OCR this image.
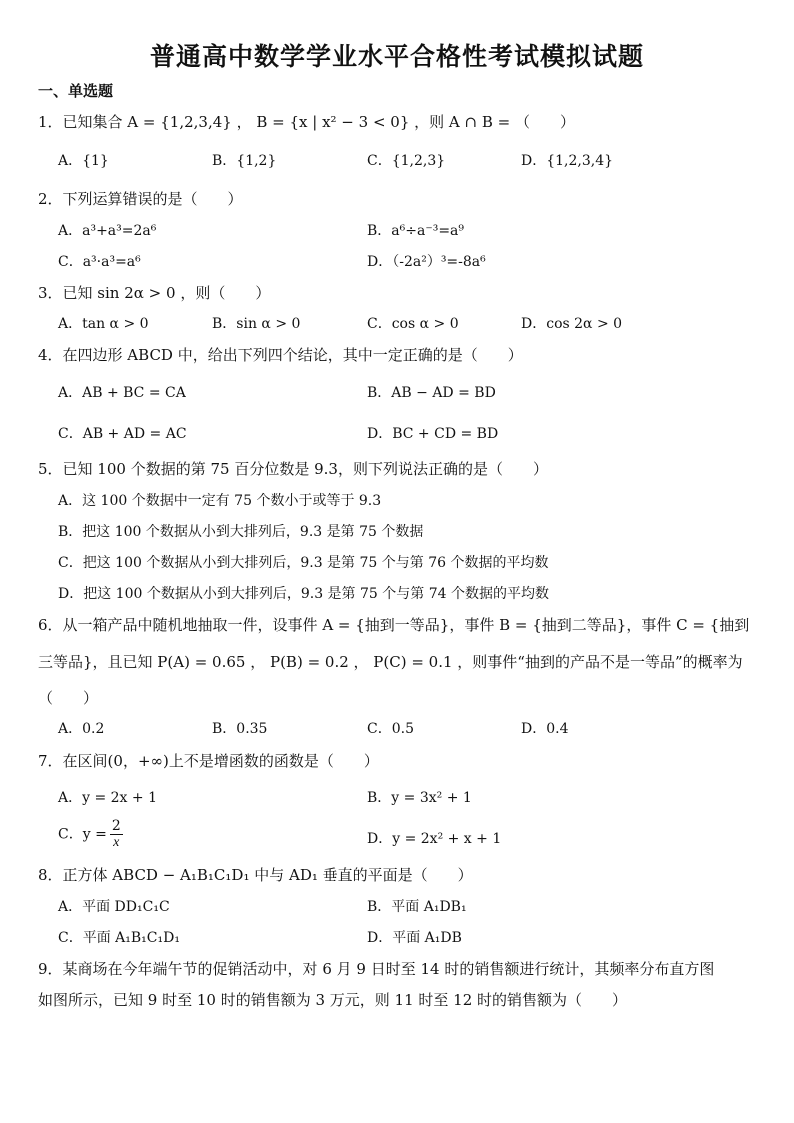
普通高中数学学业水平合格性考试模拟试题
一、单选题
1．已知集合 A = {1,2,3,4} ， B = {x | x² − 3 < 0} ，则 A ∩ B = （　　）
A．{1}	B．{1,2}	C．{1,2,3}	D．{1,2,3,4}
2．下列运算错误的是（　　）
A．a³+a³=2a⁶	B．a⁶÷a⁻³=a⁹
C．a³·a³=a⁶	D．（-2a²）³=-8a⁶
3．已知 sin 2α > 0 ，则（　　）
A．tan α > 0	B．sin α > 0	C．cos α > 0	D．cos 2α > 0
4．在四边形 ABCD 中，给出下列四个结论，其中一定正确的是（　　）
A．AB + BC = CA	B．AB − AD = BD
C．AB + AD = AC	D．BC + CD = BD
5．已知 100 个数据的第 75 百分位数是 9.3，则下列说法正确的是（　　）
A．这 100 个数据中一定有 75 个数小于或等于 9.3
B．把这 100 个数据从小到大排列后，9.3 是第 75 个数据
C．把这 100 个数据从小到大排列后，9.3 是第 75 个与第 76 个数据的平均数
D．把这 100 个数据从小到大排列后，9.3 是第 75 个与第 74 个数据的平均数
6．从一箱产品中随机地抽取一件，设事件 A = {抽到一等品}，事件 B = {抽到二等品}，事件 C = {抽到
三等品}，且已知 P(A) = 0.65 ， P(B) = 0.2 ， P(C) = 0.1 ，则事件“抽到的产品不是一等品”的概率为
（　　）
A．0.2	B．0.35	C．0.5	D．0.4
7．在区间(0，+∞)上不是增函数的函数是（　　）
A．y = 2x + 1	B．y = 3x² + 1
C．$y = \frac{2}{x}$	D．y = 2x² + x + 1
8．正方体 ABCD − A₁B₁C₁D₁ 中与 AD₁ 垂直的平面是（　　）
A．平面 DD₁C₁C	B．平面 A₁DB₁
C．平面 A₁B₁C₁D₁	D．平面 A₁DB
9．某商场在今年端午节的促销活动中，对 6 月 9 日时至 14 时的销售额进行统计，其频率分布直方图
如图所示，已知 9 时至 10 时的销售额为 3 万元，则 11 时至 12 时的销售额为（　　）
